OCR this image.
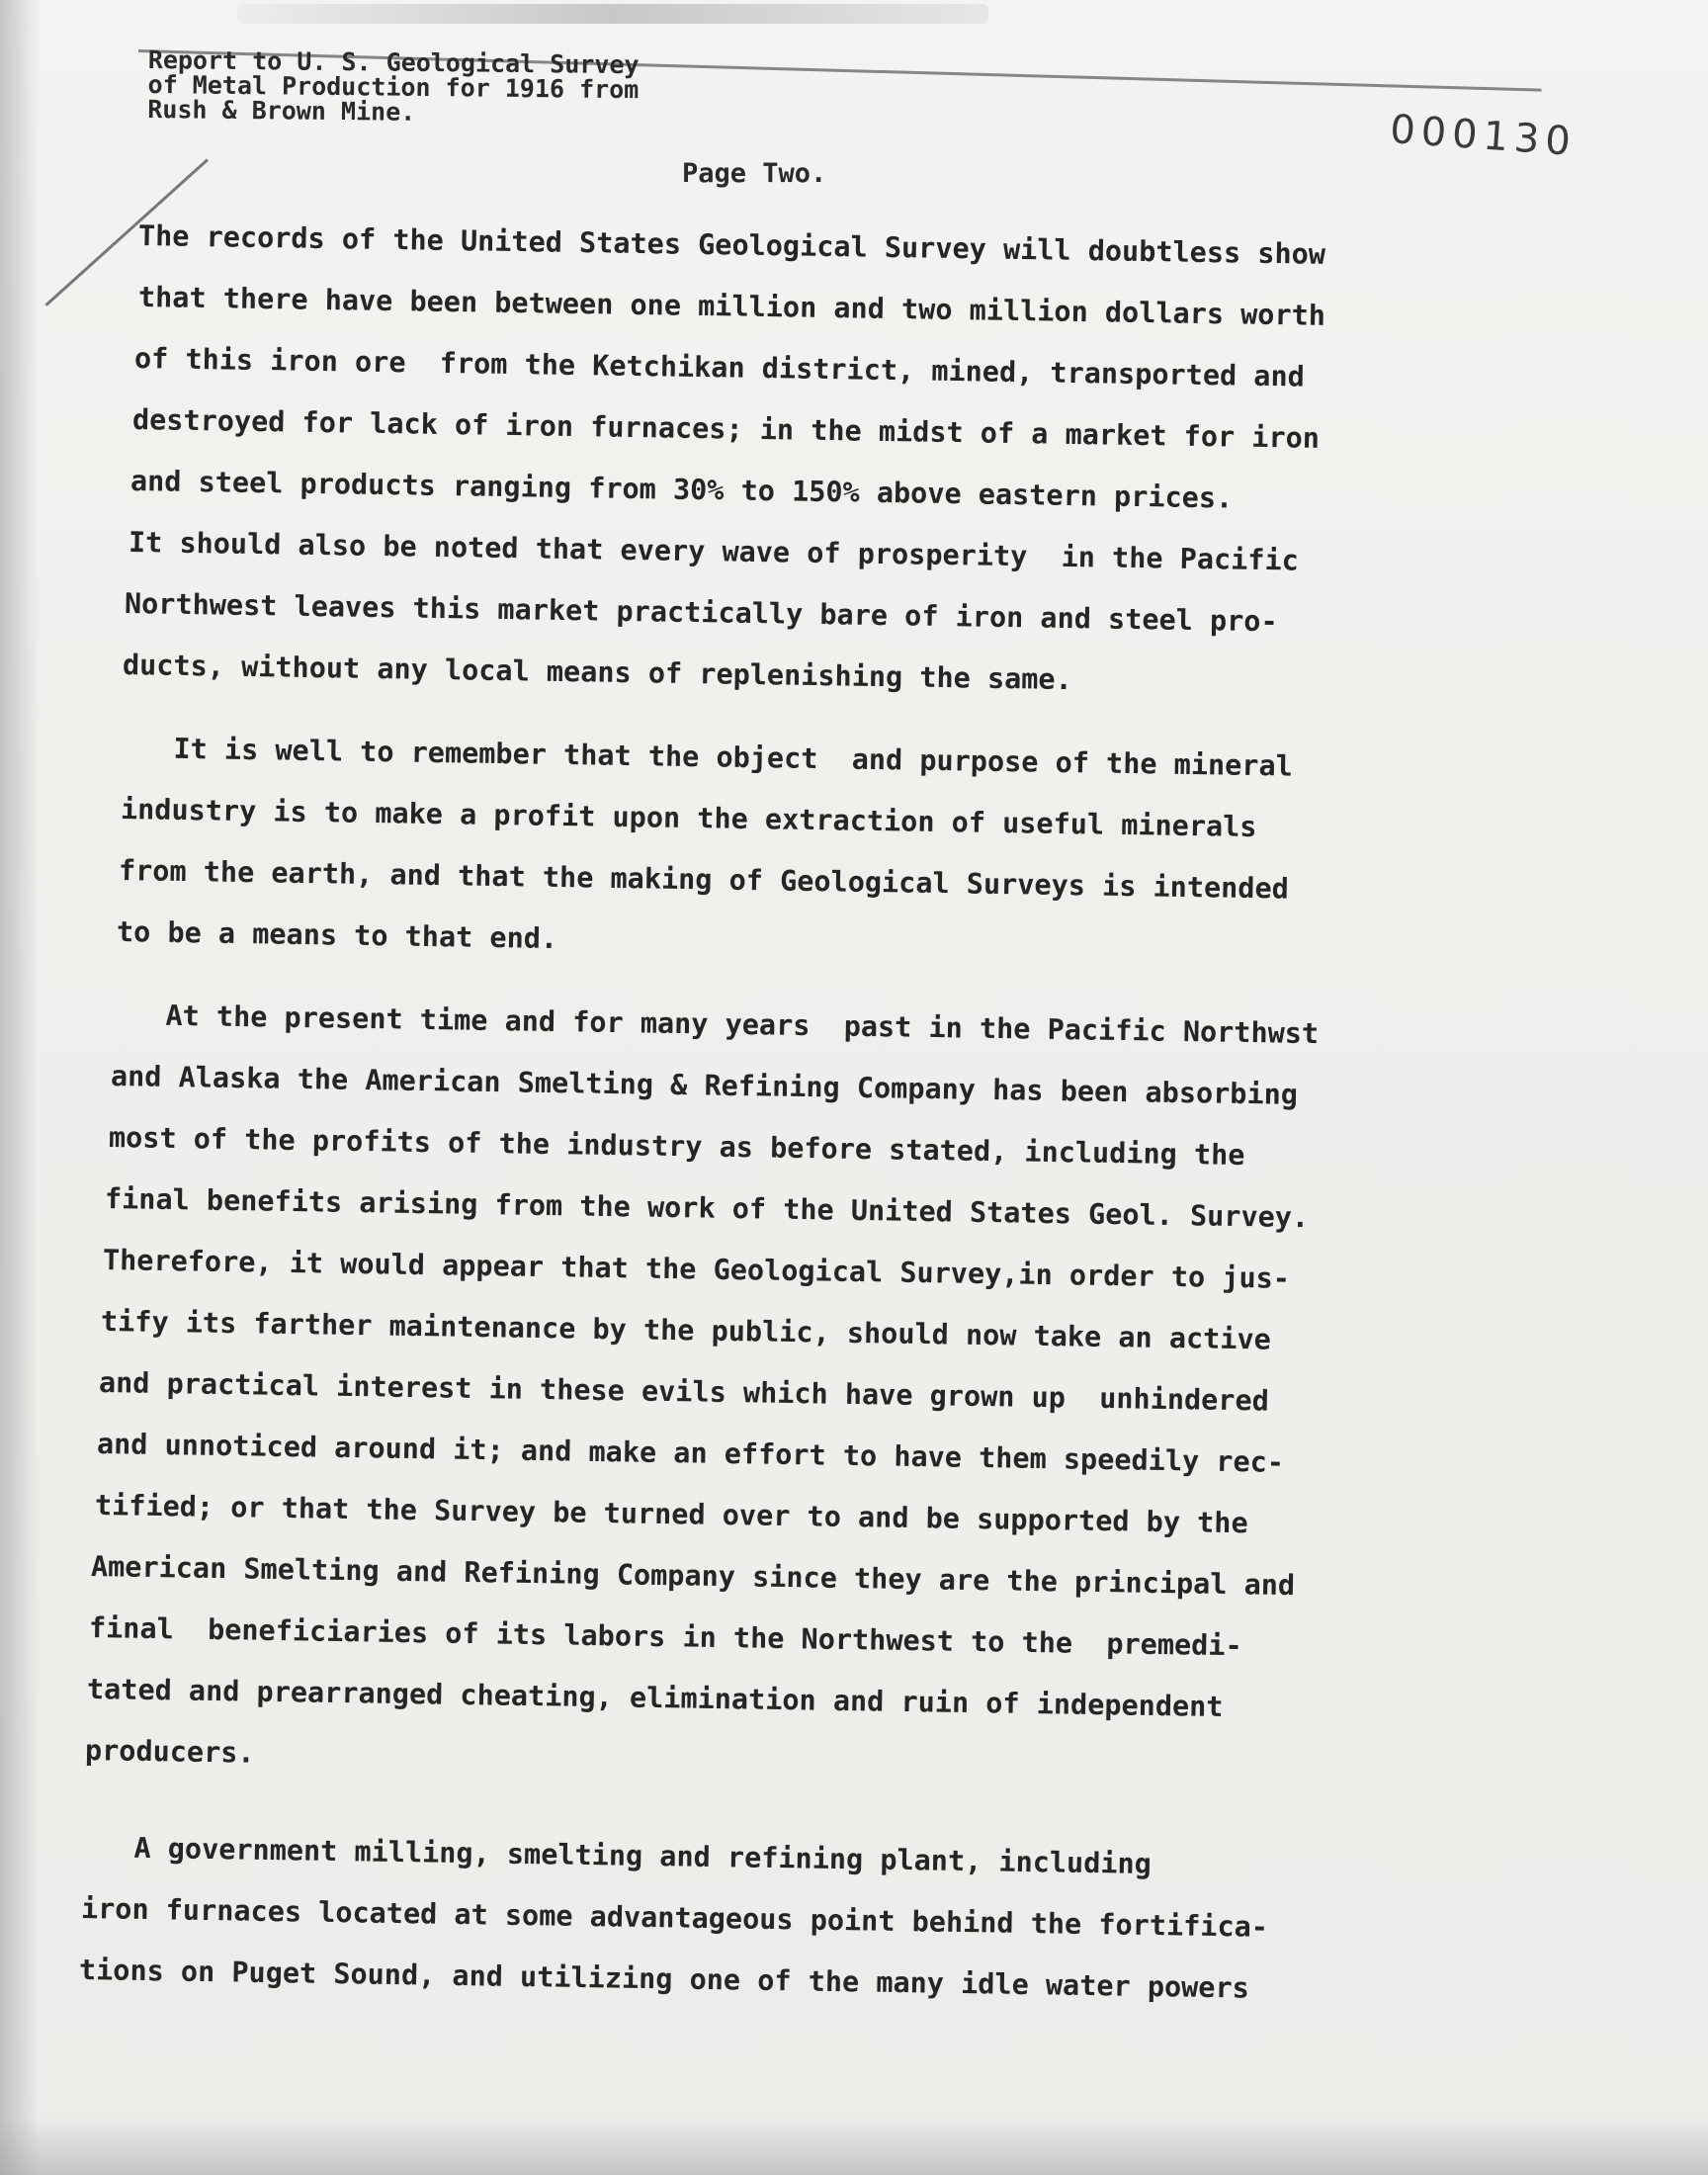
Report to U. S. Geological Survey
of Metal Production for 1916 from
Rush & Brown Mine.	000130
Page Two.
The records of the United States Geological Survey will doubtless show
that there have been between one million and two million dollars worth
of this iron ore  from the Ketchikan district, mined, transported and
destroyed for lack of iron furnaces; in the midst of a market for iron
and steel products ranging from 30% to 150% above eastern prices.
It should also be noted that every wave of prosperity  in the Pacific
Northwest leaves this market practically bare of iron and steel pro-
ducts, without any local means of replenishing the same.
It is well to remember that the object  and purpose of the mineral
industry is to make a profit upon the extraction of useful minerals
from the earth, and that the making of Geological Surveys is intended
to be a means to that end.
At the present time and for many years  past in the Pacific Northwst
and Alaska the American Smelting & Refining Company has been absorbing
most of the profits of the industry as before stated, including the
final benefits arising from the work of the United States Geol. Survey.
Therefore, it would appear that the Geological Survey,in order to jus-
tify its farther maintenance by the public, should now take an active
and practical interest in these evils which have grown up  unhindered
and unnoticed around it; and make an effort to have them speedily rec-
tified; or that the Survey be turned over to and be supported by the
American Smelting and Refining Company since they are the principal and
final  beneficiaries of its labors in the Northwest to the  premedi-
tated and prearranged cheating, elimination and ruin of independent
producers.
A government milling, smelting and refining plant, including
iron furnaces located at some advantageous point behind the fortifica-
tions on Puget Sound, and utilizing one of the many idle water powers
